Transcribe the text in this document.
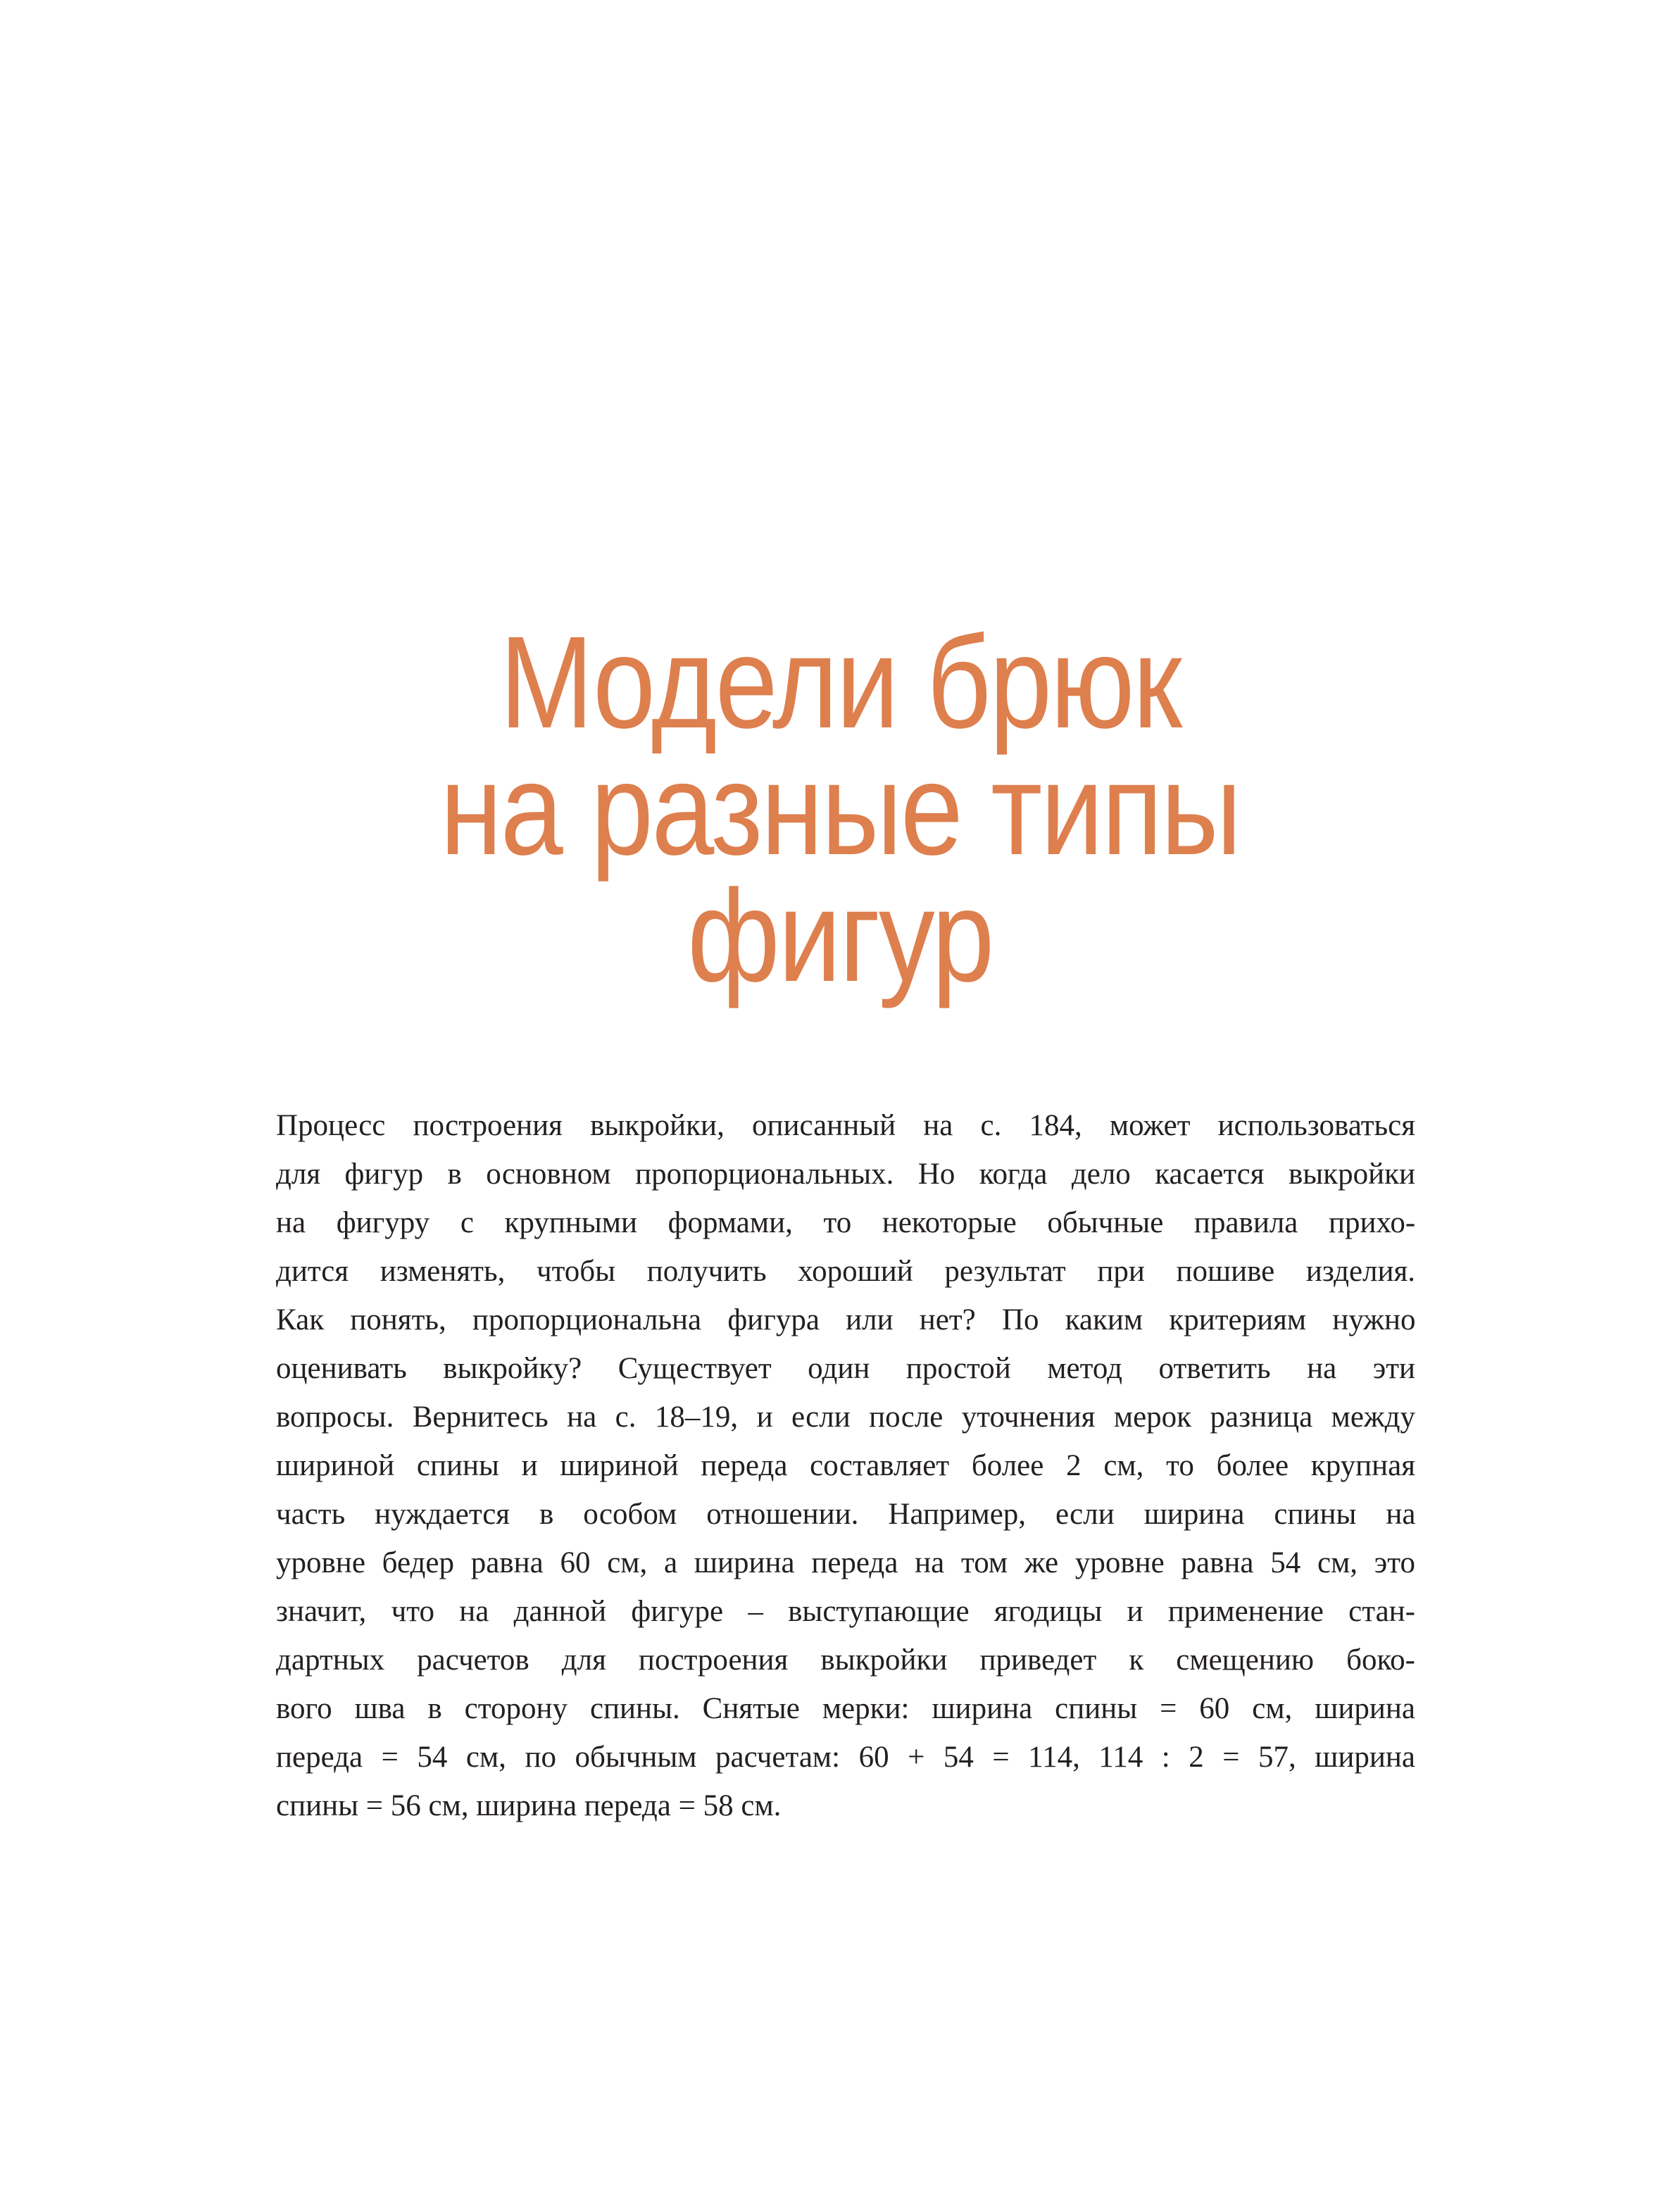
Модели брюк
на разные типы
фигур
Процесс построения выкройки, описанный на с. 184, может использоваться
для фигур в основном пропорциональных. Но когда дело касается выкройки
на фигуру с крупными формами, то некоторые обычные правила прихо-
дится изменять, чтобы получить хороший результат при пошиве изделия.
Как понять, пропорциональна фигура или нет? По каким критериям нужно
оценивать выкройку? Существует один простой метод ответить на эти
вопросы. Вернитесь на с. 18–19, и если после уточнения мерок разница между
шириной спины и шириной переда составляет более 2 см, то более крупная
часть нуждается в особом отношении. Например, если ширина спины на
уровне бедер равна 60 см, а ширина переда на том же уровне равна 54 см, это
значит, что на данной фигуре – выступающие ягодицы и применение стан-
дартных расчетов для построения выкройки приведет к смещению боко-
вого шва в сторону спины. Снятые мерки: ширина спины = 60 см, ширина
переда = 54 см, по обычным расчетам: 60 + 54 = 114, 114 : 2 = 57, ширина
спины = 56 см, ширина переда = 58 см.
